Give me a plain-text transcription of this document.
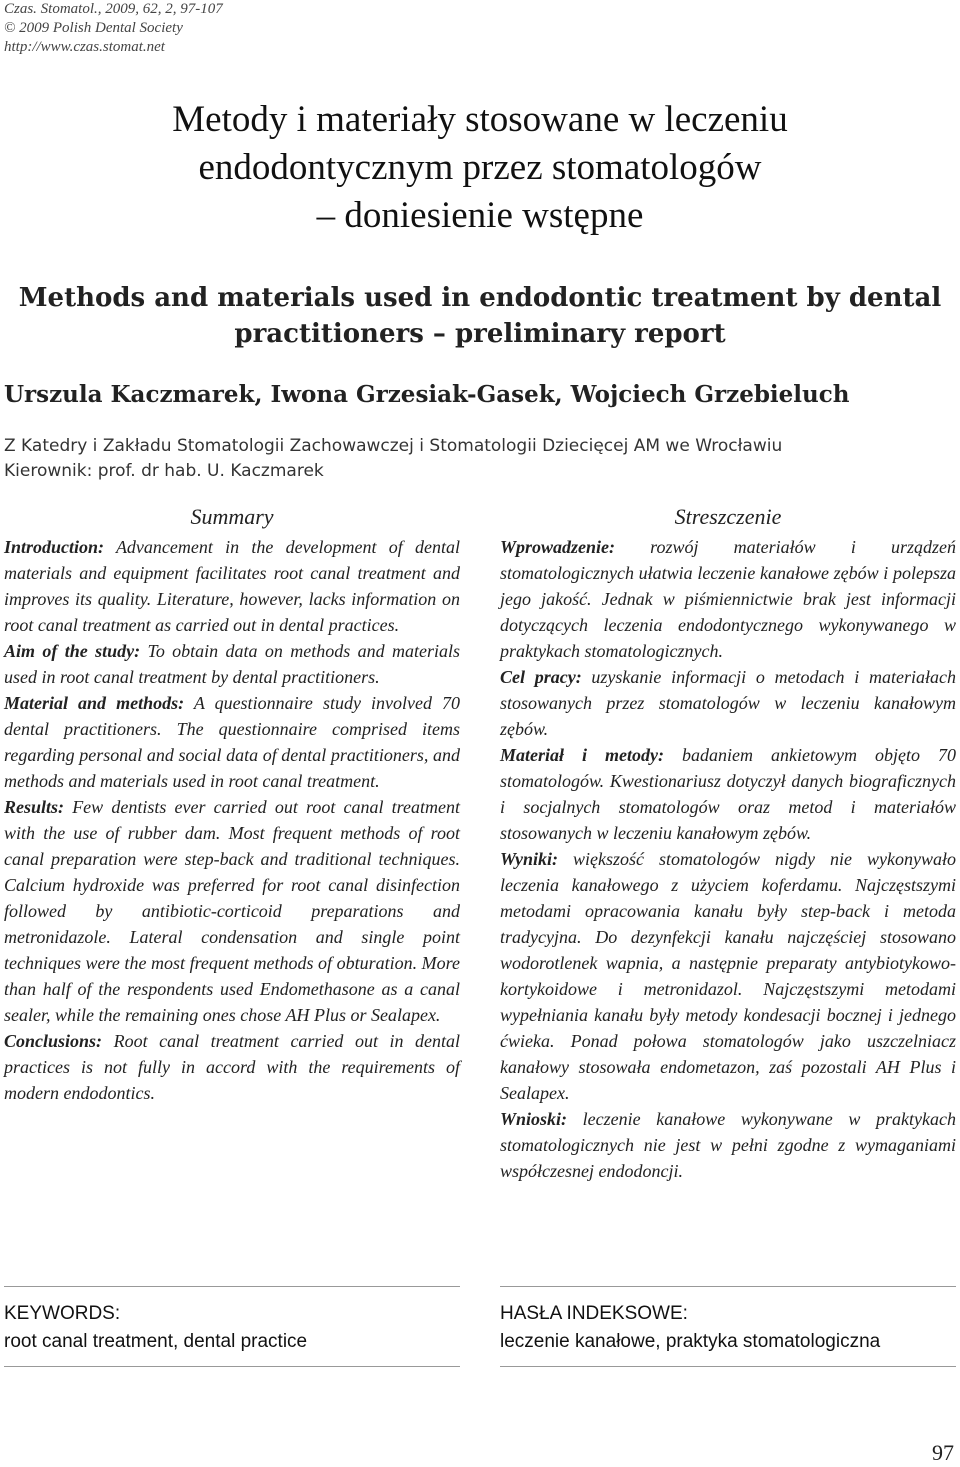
Czas. Stomatol., 2009, 62, 2, 97-107
© 2009 Polish Dental Society
http://www.czas.stomat.net
Metody i materiały stosowane w leczeniu
endodontycznym przez stomatologów
– doniesienie wstępne
Methods and materials used in endodontic treatment by dental
practitioners – preliminary report
Urszula Kaczmarek, Iwona Grzesiak-Gasek, Wojciech Grzebieluch
Z Katedry i Zakładu Stomatologii Zachowawczej i Stomatologii Dziecięcej AM we Wrocławiu
Kierownik: prof. dr hab. U. Kaczmarek
Summary

Introduction: Advancement in the development of dental materials and equipment facilitates root canal treatment and improves its quality. Literature, however, lacks information on root canal treatment as carried out in dental practices.

Aim of the study: To obtain data on methods and materials used in root canal treatment by dental practitioners.

Material and methods: A questionnaire study involved 70 dental practitioners. The questionnaire comprised items regarding personal and social data of dental practitioners, and methods and materials used in root canal treatment.

Results: Few dentists ever carried out root canal treatment with the use of rubber dam. Most frequent methods of root canal preparation were step-back and traditional techniques. Calcium hydroxide was preferred for root canal disinfection followed by antibiotic-corticoid preparations and metronidazole. Lateral condensation and single point techniques were the most frequent methods of obturation. More than half of the respondents used Endomethasone as a canal sealer, while the remaining ones chose AH Plus or Sealapex.

Conclusions: Root canal treatment carried out in dental practices is not fully in accord with the requirements of modern endodontics.

Streszczenie

Wprowadzenie: rozwój materiałów i urządzeń stomatologicznych ułatwia leczenie kanałowe zębów i polepsza jego jakość. Jednak w piśmiennictwie brak jest informacji dotyczących leczenia endodontycznego wykonywanego w praktykach stomatologicznych.

Cel pracy: uzyskanie informacji o metodach i materiałach stosowanych przez stomatologów w leczeniu kanałowym zębów.

Materiał i metody: badaniem ankietowym objęto 70 stomatologów. Kwestionariusz dotyczył danych biograficznych i socjalnych stomatologów oraz metod i materiałów stosowanych w leczeniu kanałowym zębów.

Wyniki: większość stomatologów nigdy nie wykonywało leczenia kanałowego z użyciem koferdamu. Najczęstszymi metodami opracowania kanału były step-back i metoda tradycyjna. Do dezynfekcji kanału najczęściej stosowano wodorotlenek wapnia, a następnie preparaty antybiotykowo-kortykoidowe i metronidazol. Najczęstszymi metodami wypełniania kanału były metody kondesacji bocznej i jednego ćwieka. Ponad połowa stomatologów jako uszczelniacz kanałowy stosowała endometazon, zaś pozostali AH Plus i Sealapex.

Wnioski: leczenie kanałowe wykonywane w praktykach stomatologicznych nie jest w pełni zgodne z wymaganiami współczesnej endodoncji.

KEYWORDS:
root canal treatment, dental practice
HASŁA INDEKSOWE:
leczenie kanałowe, praktyka stomatologiczna
97
